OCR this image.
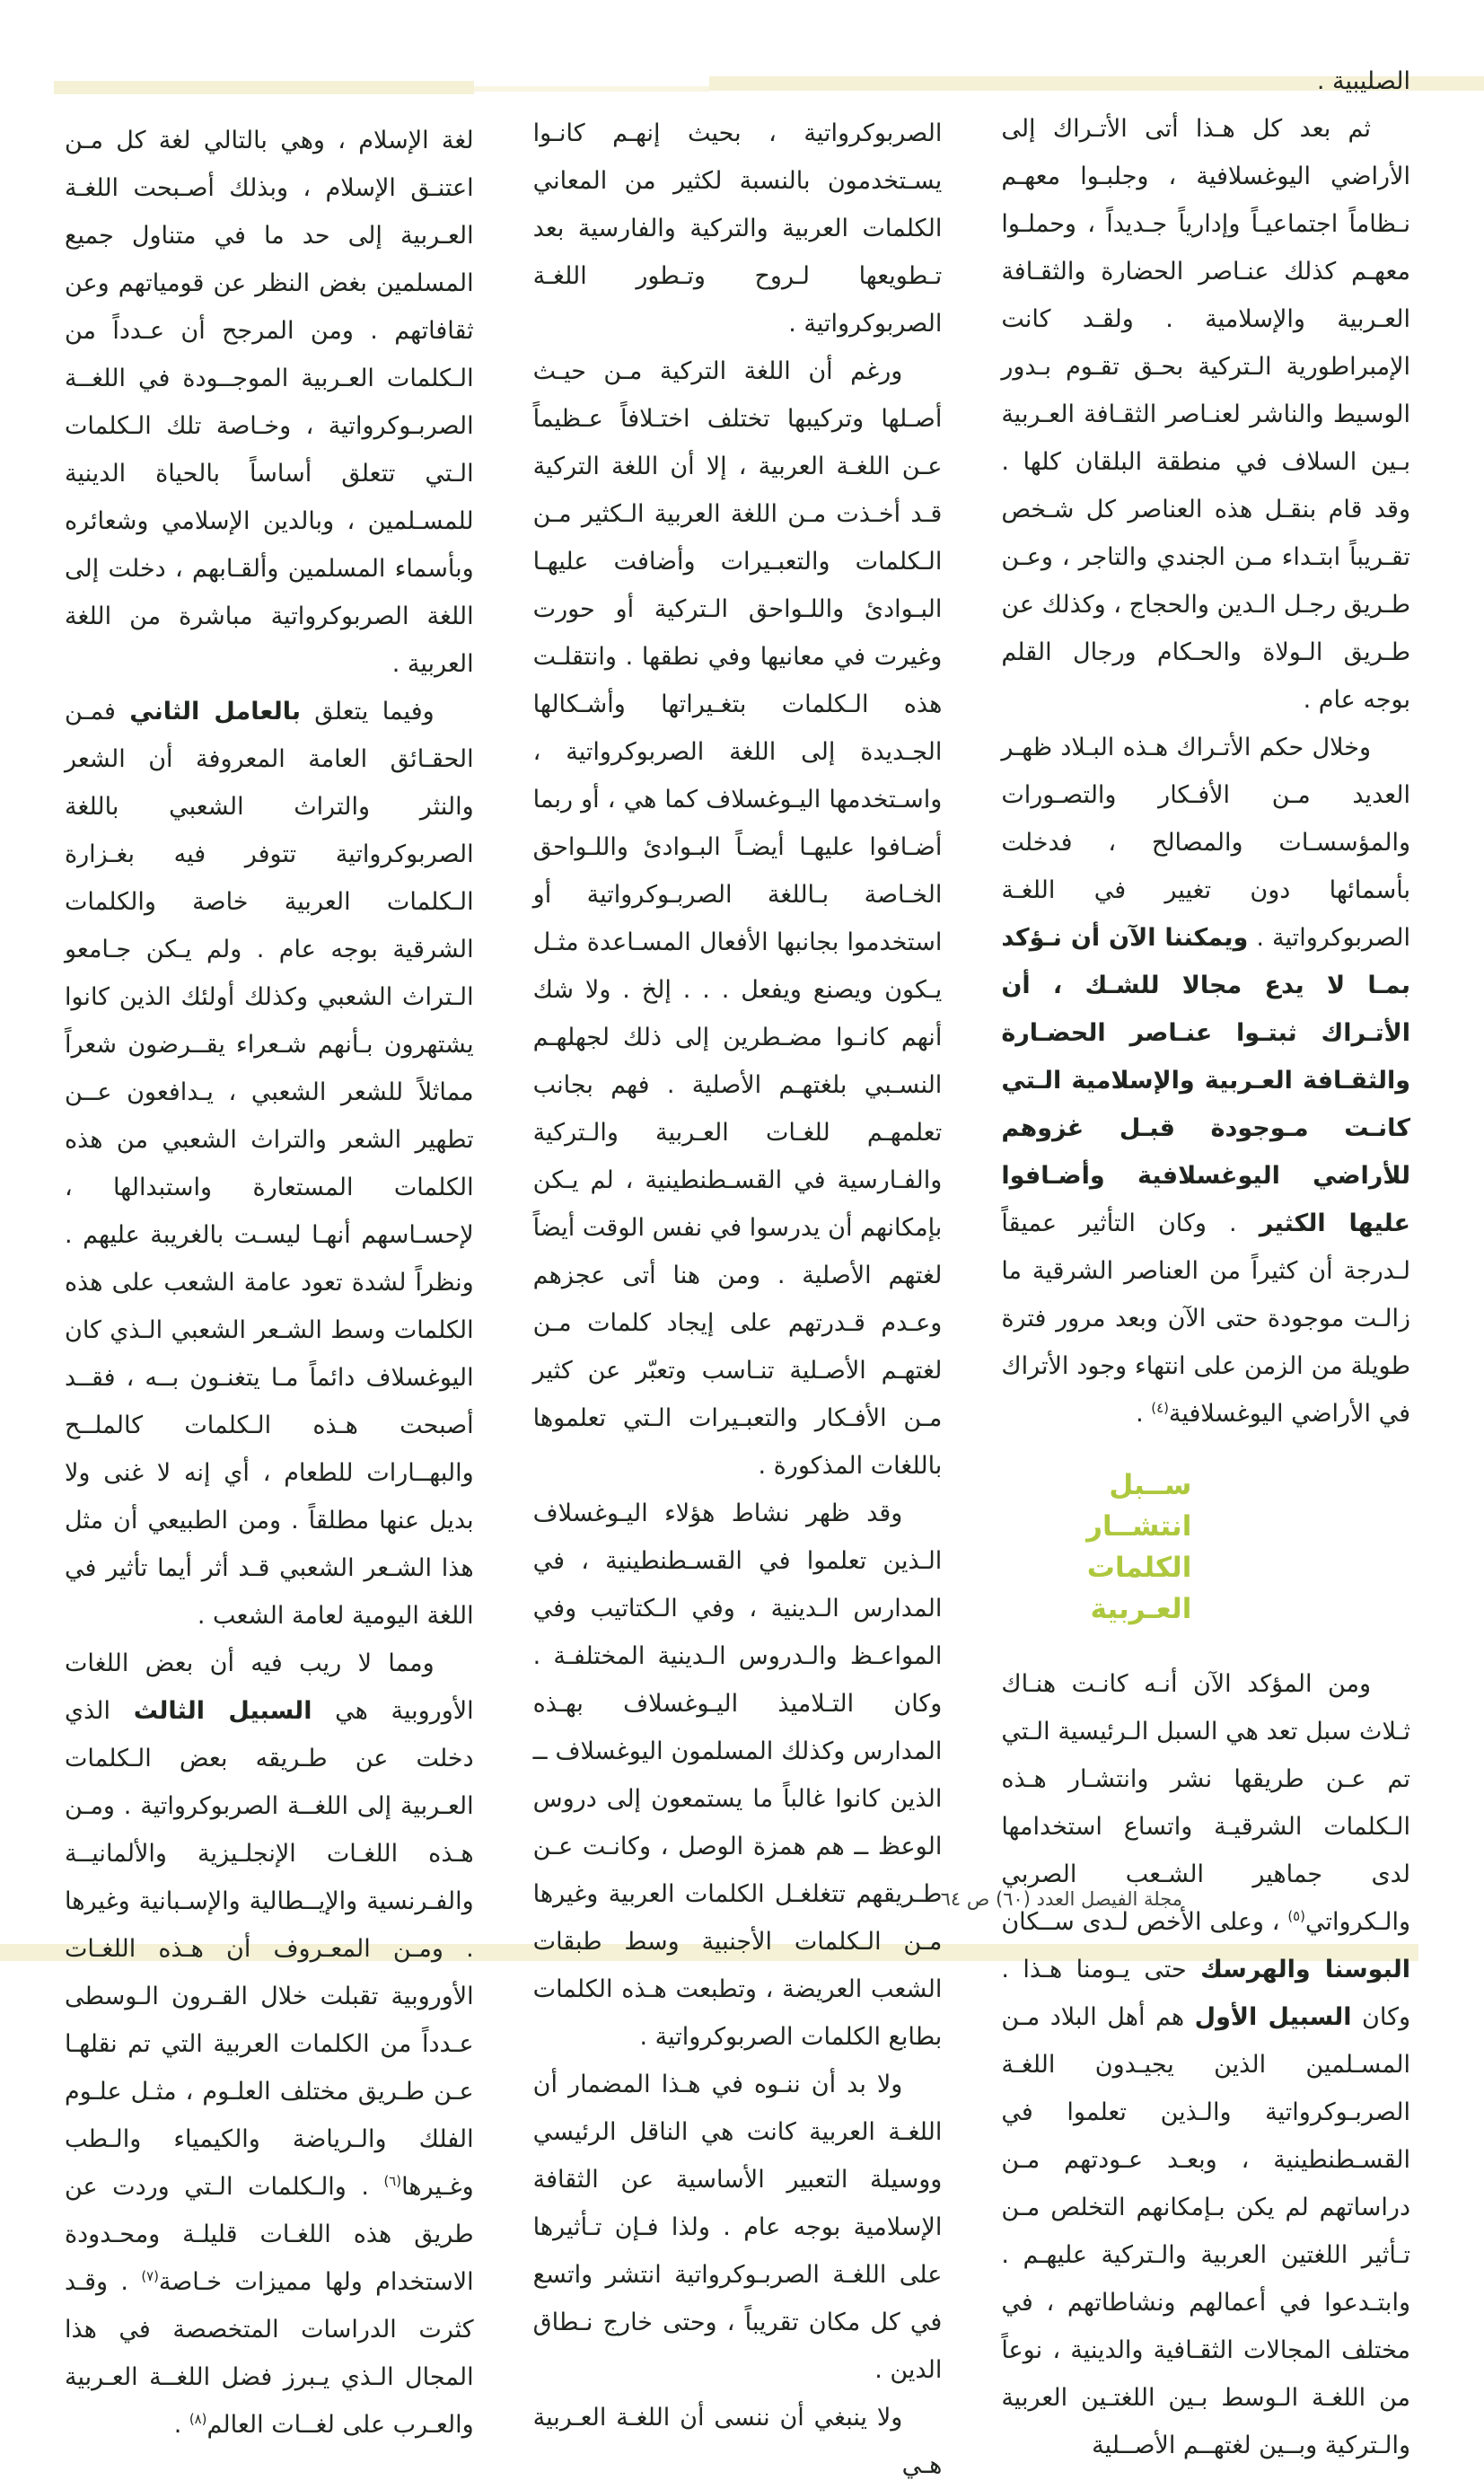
الصليبية .

ثم بعد كل هـذا أتى الأتـراك إلى الأراضي اليوغسلافية ، وجلبـوا معهـم نـظاماً اجتماعيـاً وإدارياً جـديداً ، وحملـوا معهـم كذلك عنـاصر الحضارة والثقـافة العـربية والإسلامية . ولقـد كانت الإمبراطورية الـتركية بحـق تقـوم بـدور الوسيط والناشر لعنـاصر الثقـافة العـربية بـين السلاف في منطقة البلقان كلها . وقد قام بنقـل هذه العناصر كل شـخص تقـريباً ابتـداء مـن الجندي والتاجر ، وعـن طـريق رجـل الـدين والحجاج ، وكذلك عن طـريق الـولاة والحـكام ورجال القلم بوجه عام .

وخلال حكم الأتـراك هـذه البـلاد ظهـر العديد مـن الأفـكار والتصـورات والمؤسسـات والمصالح ، فدخلت بأسمائها دون تغيير في اللغـة الصربوكرواتية . ويمكننا الآن أن نـؤكد بمـا لا يدع مجالا للشـك ، أن الأتـراك ثبتـوا عنـاصر الحضـارة والثقـافة العـربية والإسلامية الـتي كانـت مـوجودة قبـل غزوهم للأراضي اليوغسلافية وأضـافوا عليها الكثير . وكان التأثير عميقاً لـدرجة أن كثيراً من العناصر الشرقية ما زالـت موجودة حتى الآن وبعد مرور فترة طويلة من الزمن على انتهاء وجود الأتراك في الأراضي اليوغسلافية$^{(٤)}$ .

ســبل انتشــار
الكلمات العـربية

ومن المؤكد الآن أنـه كانـت هنـاك ثـلاث سبل تعد هي السبل الـرئيسية الـتي تم عـن طريقها نشر وانتشـار هـذه الـكلمات الشرقيـة واتساع استخدامها لدى جماهير الشـعب الصربي والـكرواتي$^{(٥)}$ ، وعلى الأخص لـدى ســكان البوسنا والهرسك حتى يـومنا هـذا . وكان السبيل الأول هم أهل البلاد مـن المسـلمين الذين يجيـدون اللغـة الصربـوكرواتية والـذين تعلموا في القسـطنطينية ، وبعـد عـودتهم مـن دراساتهم لم يكن بـإمكانهم التخلص مـن تـأثير اللغتين العربية والـتركية عليهـم . وابتـدعوا في أعمالهم ونشاطاتهم ، في مختلف المجالات الثقـافية والدينية ، نوعاً من اللغـة الـوسط بـين اللغتـين العربية والـتركية وبــين لغتهــم الأصــلية

الصربوكرواتية ، بحيث إنهـم كانـوا يسـتخدمون بالنسبة لكثير من المعاني الكلمات العربية والتركية والفارسية بعد تـطويعها لـروح وتـطور اللغـة الصربوكرواتية .

ورغم أن اللغة التركية مـن حيـث أصـلها وتركيبها تختلف اختـلافاً عـظيماً عـن اللغـة العربية ، إلا أن اللغة التركية قـد أخـذت مـن اللغة العربية الـكثير مـن الـكلمات والتعبـيرات وأضافت عليهـا البـوادئ واللـواحق الـتركية أو حورت وغيرت في معانيها وفي نطقها . وانتقلـت هذه الـكلمات بتغـيراتها وأشـكالها الجـديدة إلى اللغة الصربوكرواتية ، واسـتخدمها اليـوغسلاف كما هي ، أو ربما أضـافوا عليهـا أيضـاً البـوادئ واللـواحق الخـاصة بـاللغة الصربـوكرواتية أو استخدموا بجانبها الأفعال المسـاعدة مثـل يـكون ويصنع ويفعل . . . إلخ . ولا شك أنهم كانـوا مضـطرين إلى ذلك لجهلهـم النسـبي بلغتهـم الأصلية . فهم بجانب تعلمهـم للغـات العـربية والـتركية والفـارسية في القسـطنطينية ، لم يـكن بإمكانهم أن يدرسوا في نفس الوقت أيضاً لغتهم الأصلية . ومن هنا أتى عجزهم وعـدم قـدرتهم على إيجاد كلمات مـن لغتهـم الأصـلية تنـاسب وتعبّر عن كثير مـن الأفـكار والتعبـيرات الـتي تعلموها باللغات المذكورة .

وقد ظهر نشاط هؤلاء اليـوغسلاف الـذين تعلموا في القسـطنطينية ، في المدارس الـدينية ، وفي الـكتاتيب وفي المواعـظ والـدروس الـدينية المختلفـة . وكان التـلاميذ اليـوغسلاف بهـذه المدارس وكذلك المسلمون اليوغسلاف ــ الذين كانوا غالباً ما يستمعون إلى دروس الوعظ ــ هم همزة الوصل ، وكانـت عـن طـريقهم تتغلغـل الكلمات العربية وغيرها مـن الـكلمات الأجنبية وسط طبقات الشعب العريضة ، وتطبعت هـذه الكلمات بطابع الكلمات الصربوكرواتية .

ولا بد أن ننـوه في هـذا المضمار أن اللغـة العربية كانت هي الناقل الرئيسي ووسيلة التعبير الأساسية عن الثقافة الإسلامية بوجه عام . ولذا فـإن تـأثيرها على اللغـة الصربـوكرواتية انتشر واتسع في كل مكان تقريباً ، وحتى خارج نـطاق الدين .

ولا ينبغي أن ننسى أن اللغـة العـربية هـي

لغة الإسلام ، وهي بالتالي لغة كل مـن اعتنـق الإسلام ، وبذلك أصـبحت اللغـة العـربية إلى حد ما في متناول جميع المسلمين بغض النظر عن قومياتهم وعن ثقافاتهم . ومن المرجح أن عـدداً من الـكلمات العـربية الموجــودة في اللغــة الصربـوكرواتية ، وخـاصة تلك الـكلمات الـتي تتعلق أساساً بالحياة الدينية للمسـلمين ، وبالدين الإسلامي وشعائره وبأسماء المسلمين وألقـابهم ، دخلت إلى اللغة الصربوكرواتية مباشرة من اللغة العربية .

وفيما يتعلق بالعامل الثاني فمـن الحقـائق العامة المعروفة أن الشعر والنثر والتراث الشعبي باللغة الصربوكرواتية تتوفر فيه بغـزارة الـكلمات العربية خاصة والكلمات الشرقية بوجه عام . ولم يـكن جـامعو الـتراث الشعبي وكذلك أولئك الذين كانوا يشتهرون بـأنهم شـعراء يقــرضون شعراً مماثلاً للشعر الشعبي ، يـدافعون عــن تطهير الشعر والتراث الشعبي من هذه الكلمات المستعارة واستبدالها ، لإحسـاسهم أنهـا ليسـت بالغريبة عليهم . ونظراً لشدة تعود عامة الشعب على هذه الكلمات وسط الشـعر الشعبي الـذي كان اليوغسلاف دائماً مـا يتغنـون بــه ، فقــد أصبحت هـذه الـكلمات كالملــح والبهــارات للطعام ، أي إنه لا غنى ولا بديل عنها مطلقاً . ومن الطبيعي أن مثل هذا الشـعر الشعبي قـد أثر أيما تأثير في اللغة اليومية لعامة الشعب .

ومما لا ريب فيه أن بعض اللغات الأوروبية هي السبيل الثالث الذي دخلت عن طـريقه بعض الـكلمات العـربية إلى اللغــة الصربوكرواتية . ومـن هـذه اللغـات الإنجلـيزية والألمانيــة والفـرنسية والإيــطالية والإسـبانية وغيرها . ومـن المعـروف أن هـذه اللغـات الأوروبية تقبلت خلال القـرون الـوسطى عـدداً من الكلمات العربية التي تم نقلهـا عـن طـريق مختلف العلـوم ، مثـل علـوم الفلك والـرياضة والكيمياء والـطب وغـيرها$^{(٦)}$ . والـكلمات الـتي وردت عن طريق هذه اللغـات قليلـة ومحـدودة الاستخدام ولها مميزات خـاصة$^{(٧)}$ . وقـد كثرت الدراسات المتخصصة في هذا المجال الـذي يـبرز فضل اللغــة العـربية والعـرب على لغــات العالم$^{(٨)}$ .

مجلة الفيصل العدد (٦٠) ص ٦٤
